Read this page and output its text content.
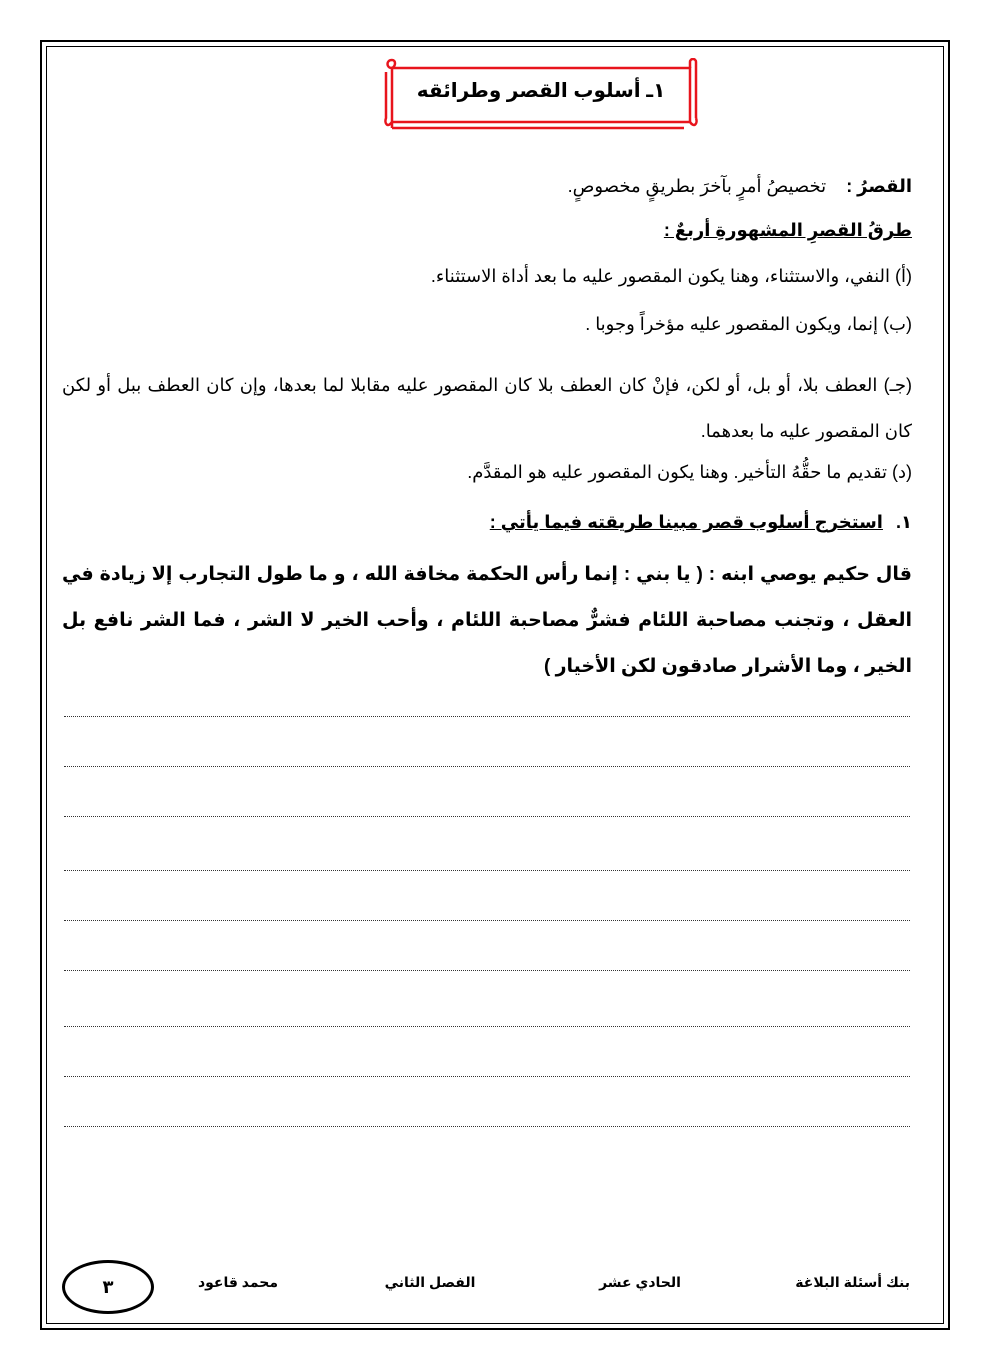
١ـ أسلوب القصر وطرائقه
القصرُ :    تخصيصُ أمرٍ بآخرَ بطريقٍ مخصوصٍ.
طرقُ القصرِ المشهورةِ أربعٌ :
(أ) النفي، والاستثناء، وهنا يكون المقصور عليه ما بعد أداة الاستثناء.
(ب) إنما، ويكون المقصور عليه مؤخراً وجوبا .
(جـ) العطف بلا، أو بل، أو لكن، فإنْ كان العطف بلا كان المقصور عليه مقابلا لما بعدها، وإن كان العطف ببل أو لكن كان المقصور عليه ما بعدهما.
(د) تقديم ما حقُّهُ التأخير. وهنا يكون المقصور عليه هو المقدَّم.
١. استخرج أسلوب قصر مبينا طريقته فيما يأتي :
قال حكيم يوصي ابنه : ( يا بني : إنما رأس الحكمة مخافة الله ، و ما طول التجارب إلا زيادة في العقل ، وتجنب مصاحبة اللئام فشرٌّ مصاحبة اللئام ، وأحب الخير لا الشر ، فما الشر نافع بل الخير ، وما الأشرار صادقون لكن الأخيار )
بنك أسئلة البلاغة
الحادي عشر
الفصل الثاني
محمد قاعود
٣
